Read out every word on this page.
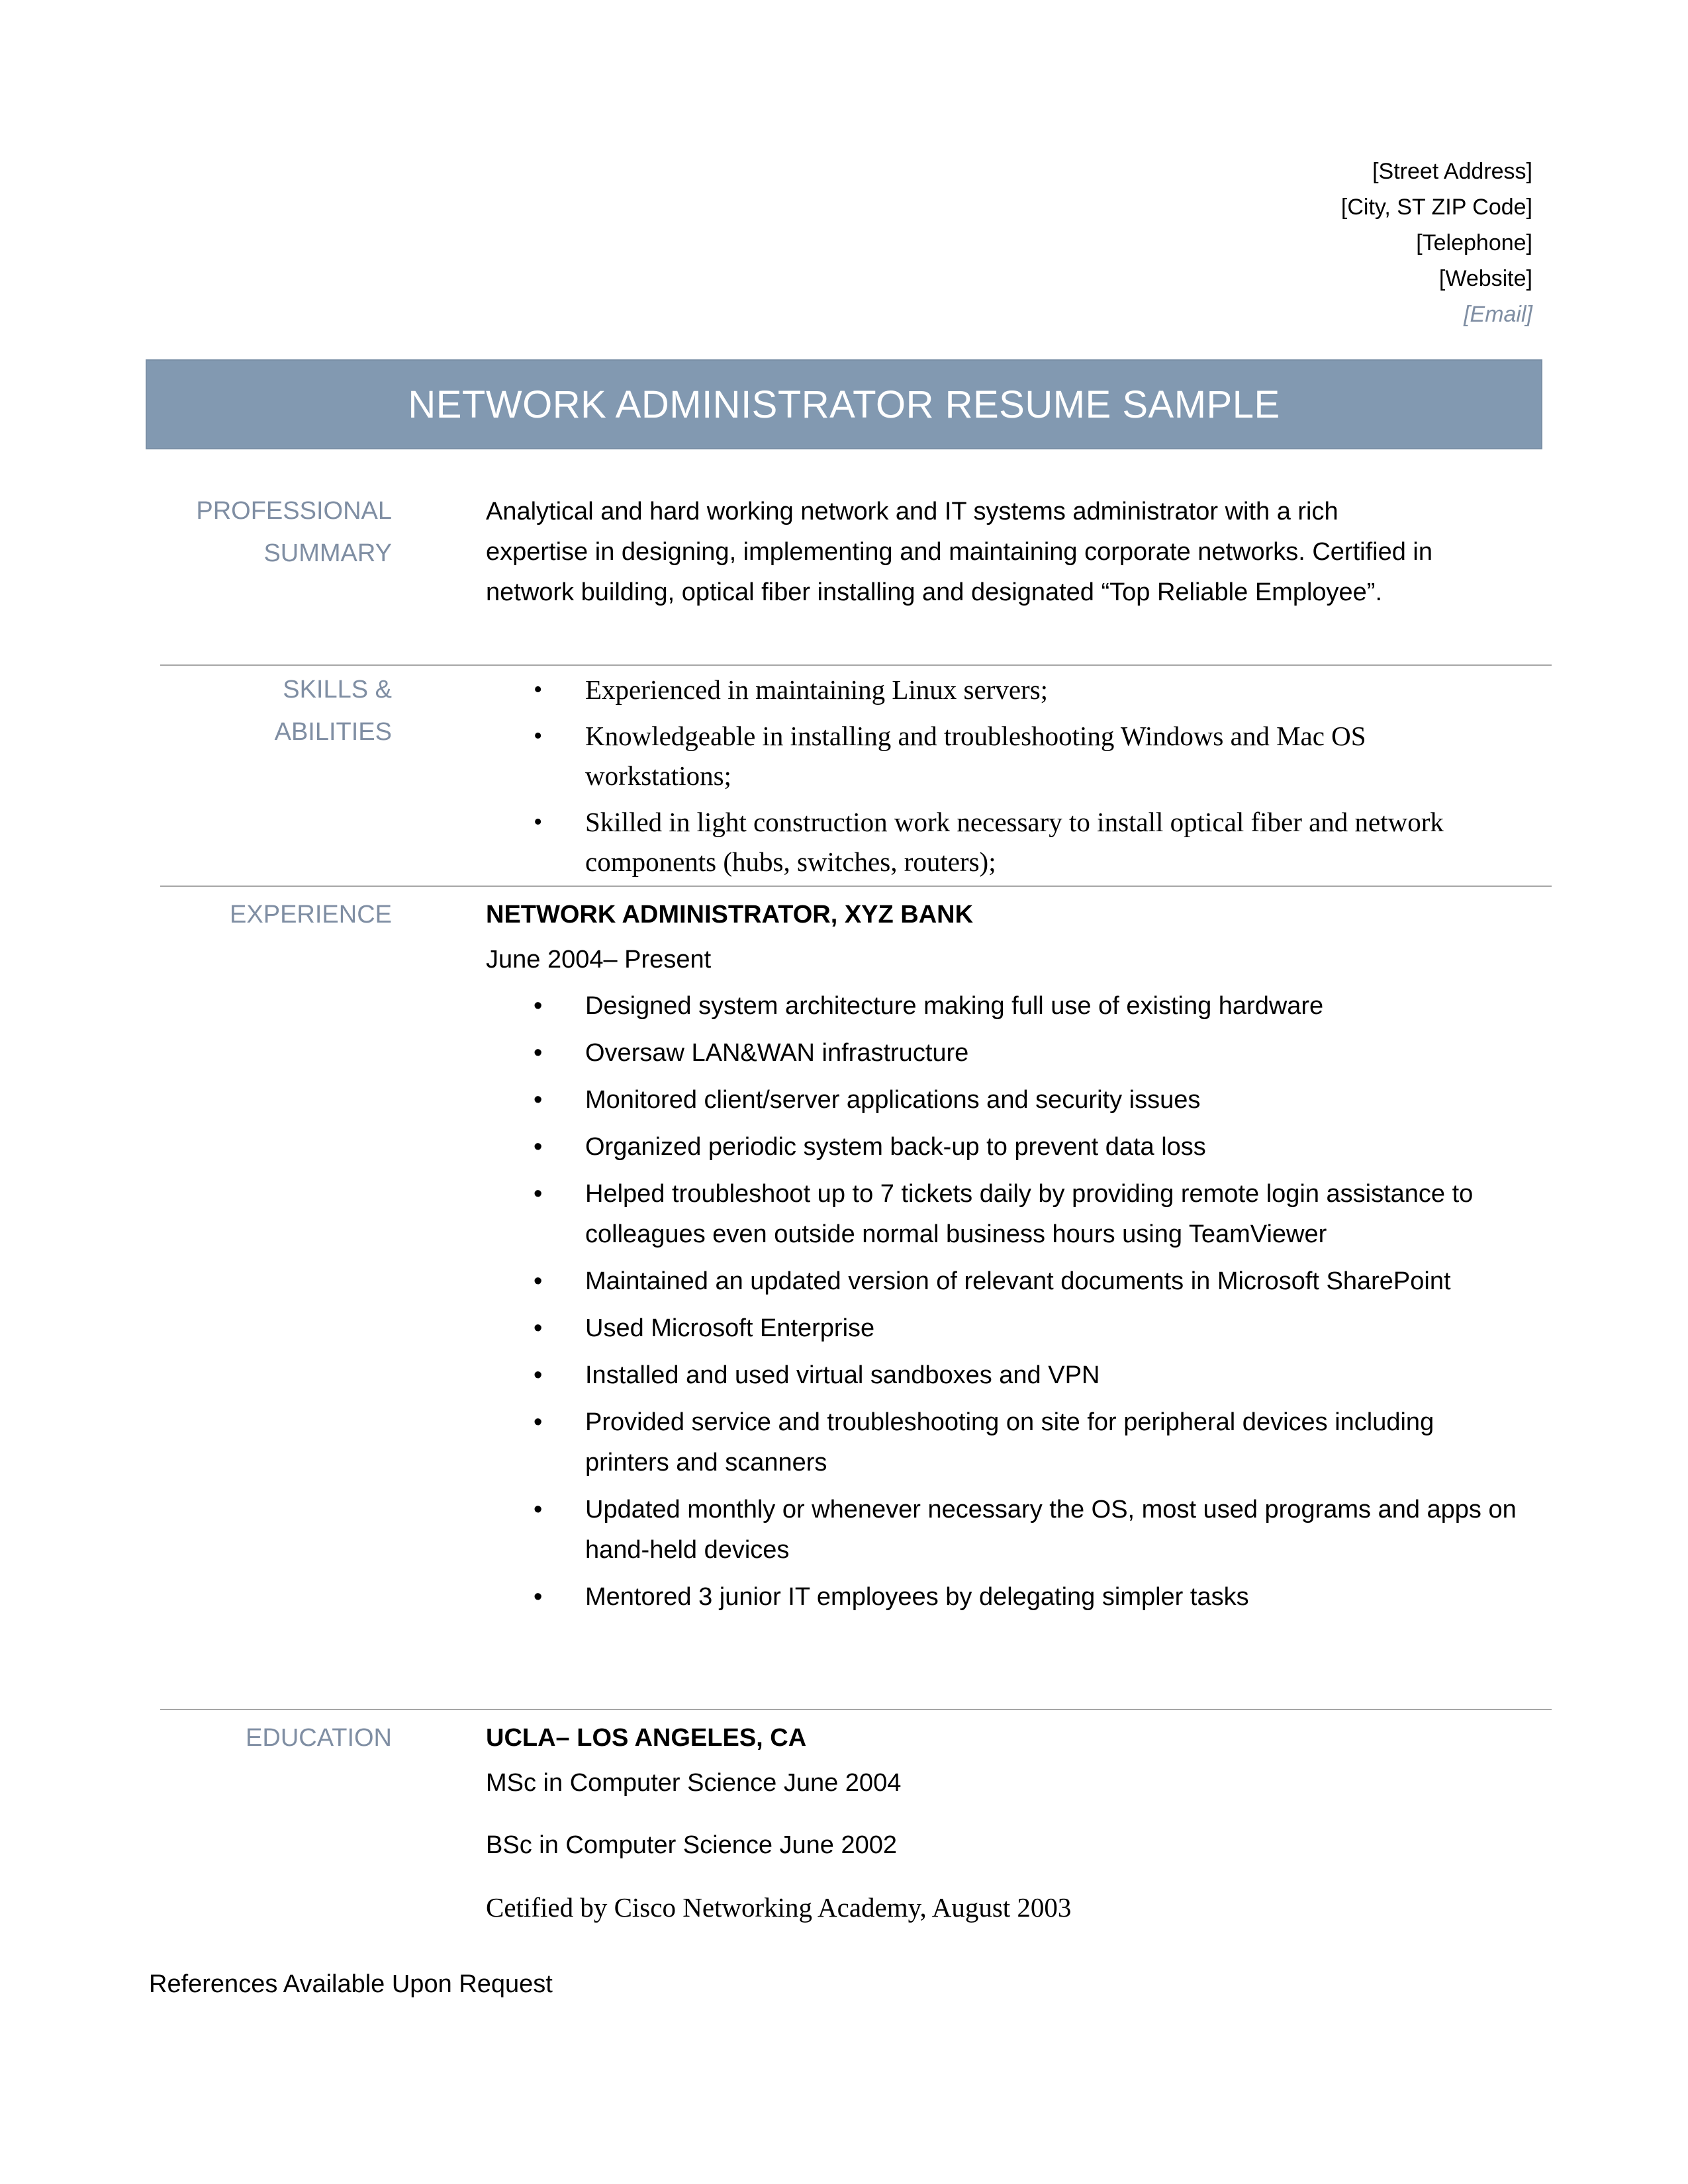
[Street Address]
[City, ST ZIP Code]
[Telephone]
[Website]
[Email]
NETWORK ADMINISTRATOR RESUME SAMPLE
PROFESSIONAL
SUMMARY

Analytical and hard working network and IT systems administrator with a rich expertise in designing, implementing and maintaining corporate networks. Certified in network building, optical fiber installing and designated “Top Reliable Employee”.

SKILLS & ABILITIES
• Experienced in maintaining Linux servers;
• Knowledgeable in installing and troubleshooting Windows and Mac OS workstations;
• Skilled in light construction work necessary to install optical fiber and network components (hubs, switches, routers);
EXPERIENCE	NETWORK ADMINISTRATOR, XYZ BANK
June 2004– Present
• Designed system architecture making full use of existing hardware
• Oversaw LAN&WAN infrastructure
• Monitored client/server applications and security issues
• Organized periodic system back-up to prevent data loss
• Helped troubleshoot up to 7 tickets daily by providing remote login assistance to colleagues even outside normal business hours using TeamViewer
• Maintained an updated version of relevant documents in Microsoft SharePoint
• Used Microsoft Enterprise
• Installed and used virtual sandboxes and VPN
• Provided service and troubleshooting on site for peripheral devices including printers and scanners
• Updated monthly or whenever necessary the OS, most used programs and apps on hand-held devices
• Mentored 3 junior IT employees by delegating simpler tasks
EDUCATION	UCLA– LOS ANGELES, CA
MSc in Computer Science June 2004
BSc in Computer Science June 2002
Cetified by Cisco Networking Academy, August 2003
References Available Upon Request
